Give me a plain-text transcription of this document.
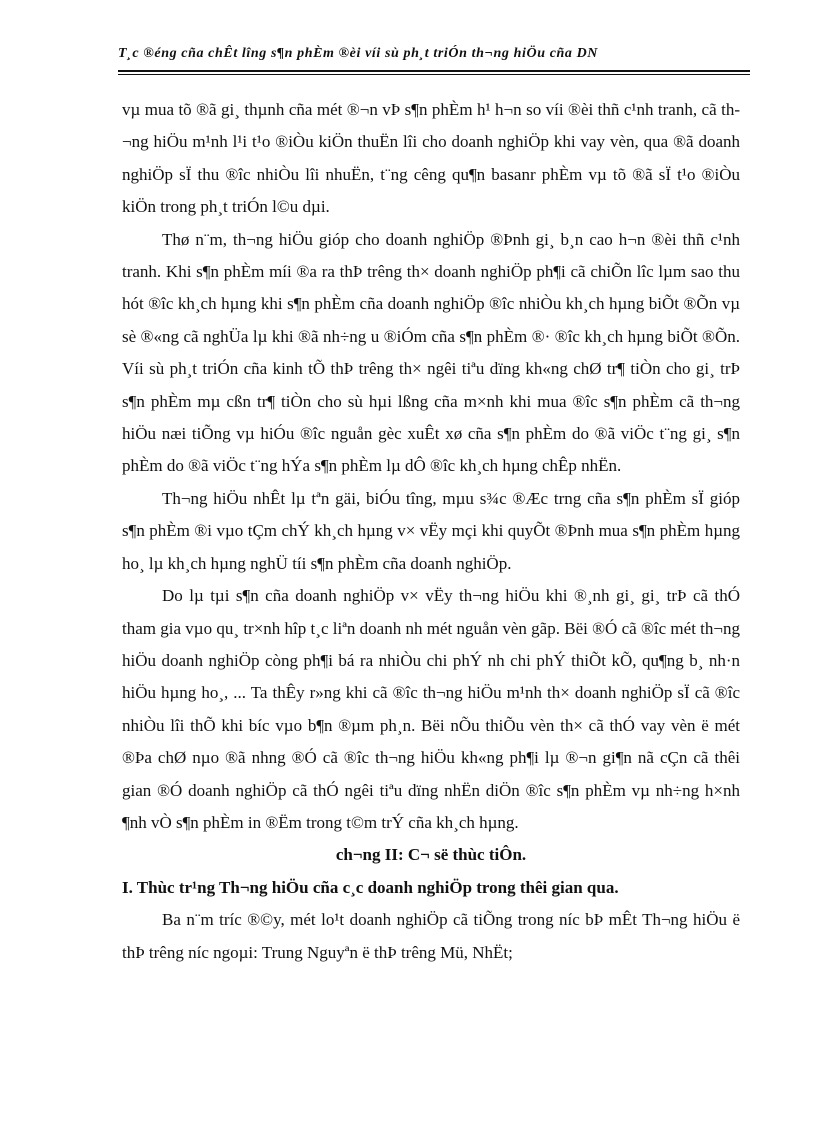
T¸c ®éng cña chÊt lîng s¶n phÈm ®èi víi sù ph¸t triÓn th¬ng hiÖu cña DN

vµ mua tõ ®ã gi¸ thµnh cña mét ®¬n vÞ s¶n phÈm h¹ h¬n so víi ®èi thñ c¹nh tranh, cã th¬ng hiÖu m¹nh l¹i t¹o ®iÒu kiÖn thuËn lîi cho doanh nghiÖp khi vay vèn, qua ®ã doanh nghiÖp sÏ thu ®îc nhiÒu lîi nhuËn, t¨ng cêng qu¶n basanr phÈm vµ tõ ®ã sÏ t¹o ®iÒu kiÖn trong ph¸t triÓn l©u dµi.

Thø n¨m, th¬ng hiÖu gióp cho doanh nghiÖp ®Þnh gi¸ b¸n cao h¬n ®èi thñ c¹nh tranh. Khi s¶n phÈm míi ®a ra thÞ trêng th× doanh nghiÖp ph¶i cã chiÕn lîc lµm sao thu hót ®îc kh¸ch hµng khi s¶n phÈm cña doanh nghiÖp ®îc nhiÒu kh¸ch hµng biÕt ®Õn vµ sè ®«ng cã nghÜa lµ khi ®ã nh÷ng u ®iÓm cña s¶n phÈm ®· ®îc kh¸ch hµng biÕt ®Õn. Víi sù ph¸t triÓn cña kinh tÕ thÞ trêng th× ngêi tiªu dïng kh«ng chØ tr¶ tiÒn cho gi¸ trÞ s¶n phÈm mµ cßn tr¶ tiÒn cho sù hµi lßng cña m×nh khi mua ®îc s¶n phÈm cã th¬ng hiÖu næi tiÕng vµ hiÓu ®îc nguån gèc xuÊt xø cña s¶n phÈm do ®ã viÖc t¨ng gi¸ s¶n phÈm do ®ã viÖc t¨ng hÝa s¶n phÈm lµ dÔ ®îc kh¸ch hµng chÊp nhËn.

Th¬ng hiÖu nhÊt lµ tªn gäi, biÓu tîng, mµu s¾c ®Æc trng cña s¶n phÈm sÏ gióp s¶n phÈm ®i vµo tÇm chÝ kh¸ch hµng v× vËy mçi khi quyÕt ®Þnh mua s¶n phÈm hµng ho¸ lµ kh¸ch hµng nghÜ tíi s¶n phÈm cña doanh nghiÖp.

Do lµ tµi s¶n cña doanh nghiÖp v× vËy th¬ng hiÖu khi ®¸nh gi¸ gi¸ trÞ cã thÓ tham gia vµo qu¸ tr×nh hîp t¸c liªn doanh nh mét nguån vèn gãp. Bëi ®Ó cã ®îc mét th¬ng hiÖu doanh nghiÖp còng ph¶i bá ra nhiÒu chi phÝ nh chi phÝ thiÕt kÕ, qu¶ng b¸ nh·n hiÖu hµng ho¸, ... Ta thÊy r»ng khi cã ®îc th¬ng hiÖu m¹nh th× doanh nghiÖp sÏ cã ®îc nhiÒu lîi thÕ khi bíc vµo b¶n ®µm ph¸n. Bëi nÕu thiÕu vèn th× cã thÓ vay vèn ë mét ®Þa chØ nµo ®ã nhng ®Ó cã ®îc th¬ng hiÖu kh«ng ph¶i lµ ®¬n gi¶n nã cÇn cã thêi gian ®Ó doanh nghiÖp cã thÓ ngêi tiªu dïng nhËn diÖn ®îc s¶n phÈm vµ nh÷ng h×nh ¶nh vÒ s¶n phÈm in ®Ëm trong t©m trÝ cña kh¸ch hµng.

ch¬ng II: C¬ së thùc tiÔn.

I. Thùc tr¹ng Th¬ng hiÖu cña c¸c doanh nghiÖp trong thêi gian qua.

Ba n¨m tríc ®©y, mét lo¹t doanh nghiÖp cã tiÕng trong níc bÞ mÊt Th¬ng hiÖu ë thÞ trêng níc ngoµi: Trung Nguyªn ë thÞ trêng Mü, NhËt;
